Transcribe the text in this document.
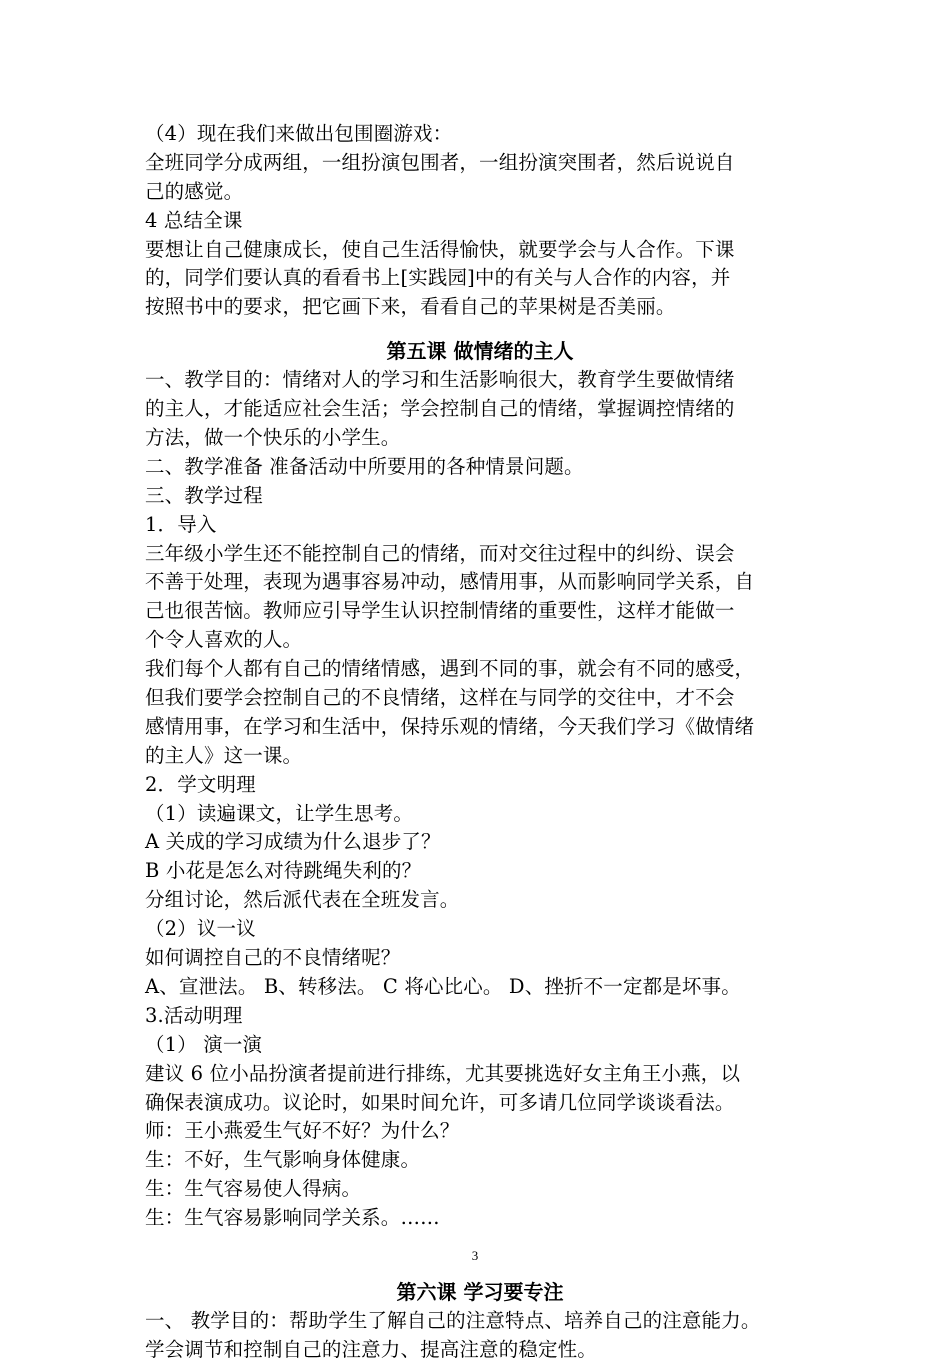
（4）现在我们来做出包围圈游戏：
全班同学分成两组，一组扮演包围者，一组扮演突围者，然后说说自
己的感觉。
4 总结全课
要想让自己健康成长，使自己生活得愉快，就要学会与人合作。下课
的，同学们要认真的看看书上[实践园]中的有关与人合作的内容，并
按照书中的要求，把它画下来，看看自己的苹果树是否美丽。
第五课 做情绪的主人
一、教学目的：情绪对人的学习和生活影响很大，教育学生要做情绪
的主人，才能适应社会生活；学会控制自己的情绪，掌握调控情绪的
方法，做一个快乐的小学生。
二、教学准备 准备活动中所要用的各种情景问题。
三、教学过程
1．导入
三年级小学生还不能控制自己的情绪，而对交往过程中的纠纷、误会
不善于处理，表现为遇事容易冲动，感情用事，从而影响同学关系，自
己也很苦恼。教师应引导学生认识控制情绪的重要性，这样才能做一
个令人喜欢的人。
我们每个人都有自己的情绪情感，遇到不同的事，就会有不同的感受，
但我们要学会控制自己的不良情绪，这样在与同学的交往中，才不会
感情用事，在学习和生活中，保持乐观的情绪，今天我们学习《做情绪
的主人》这一课。
2．学文明理
（1）读遍课文，让学生思考。
A 关成的学习成绩为什么退步了？
B 小花是怎么对待跳绳失利的？
分组讨论，然后派代表在全班发言。
（2）议一议
如何调控自己的不良情绪呢？
A、宣泄法。 B、转移法。 C 将心比心。 D、挫折不一定都是坏事。
3.活动明理
（1） 演一演
建议 6 位小品扮演者提前进行排练，尤其要挑选好女主角王小燕，以
确保表演成功。议论时，如果时间允许，可多请几位同学谈谈看法。
师：王小燕爱生气好不好？为什么？
生：不好，生气影响身体健康。
生：生气容易使人得病。
生：生气容易影响同学关系。……
第六课 学习要专注
一、 教学目的：帮助学生了解自己的注意特点、培养自己的注意能力。
学会调节和控制自己的注意力、提高注意的稳定性。
3
